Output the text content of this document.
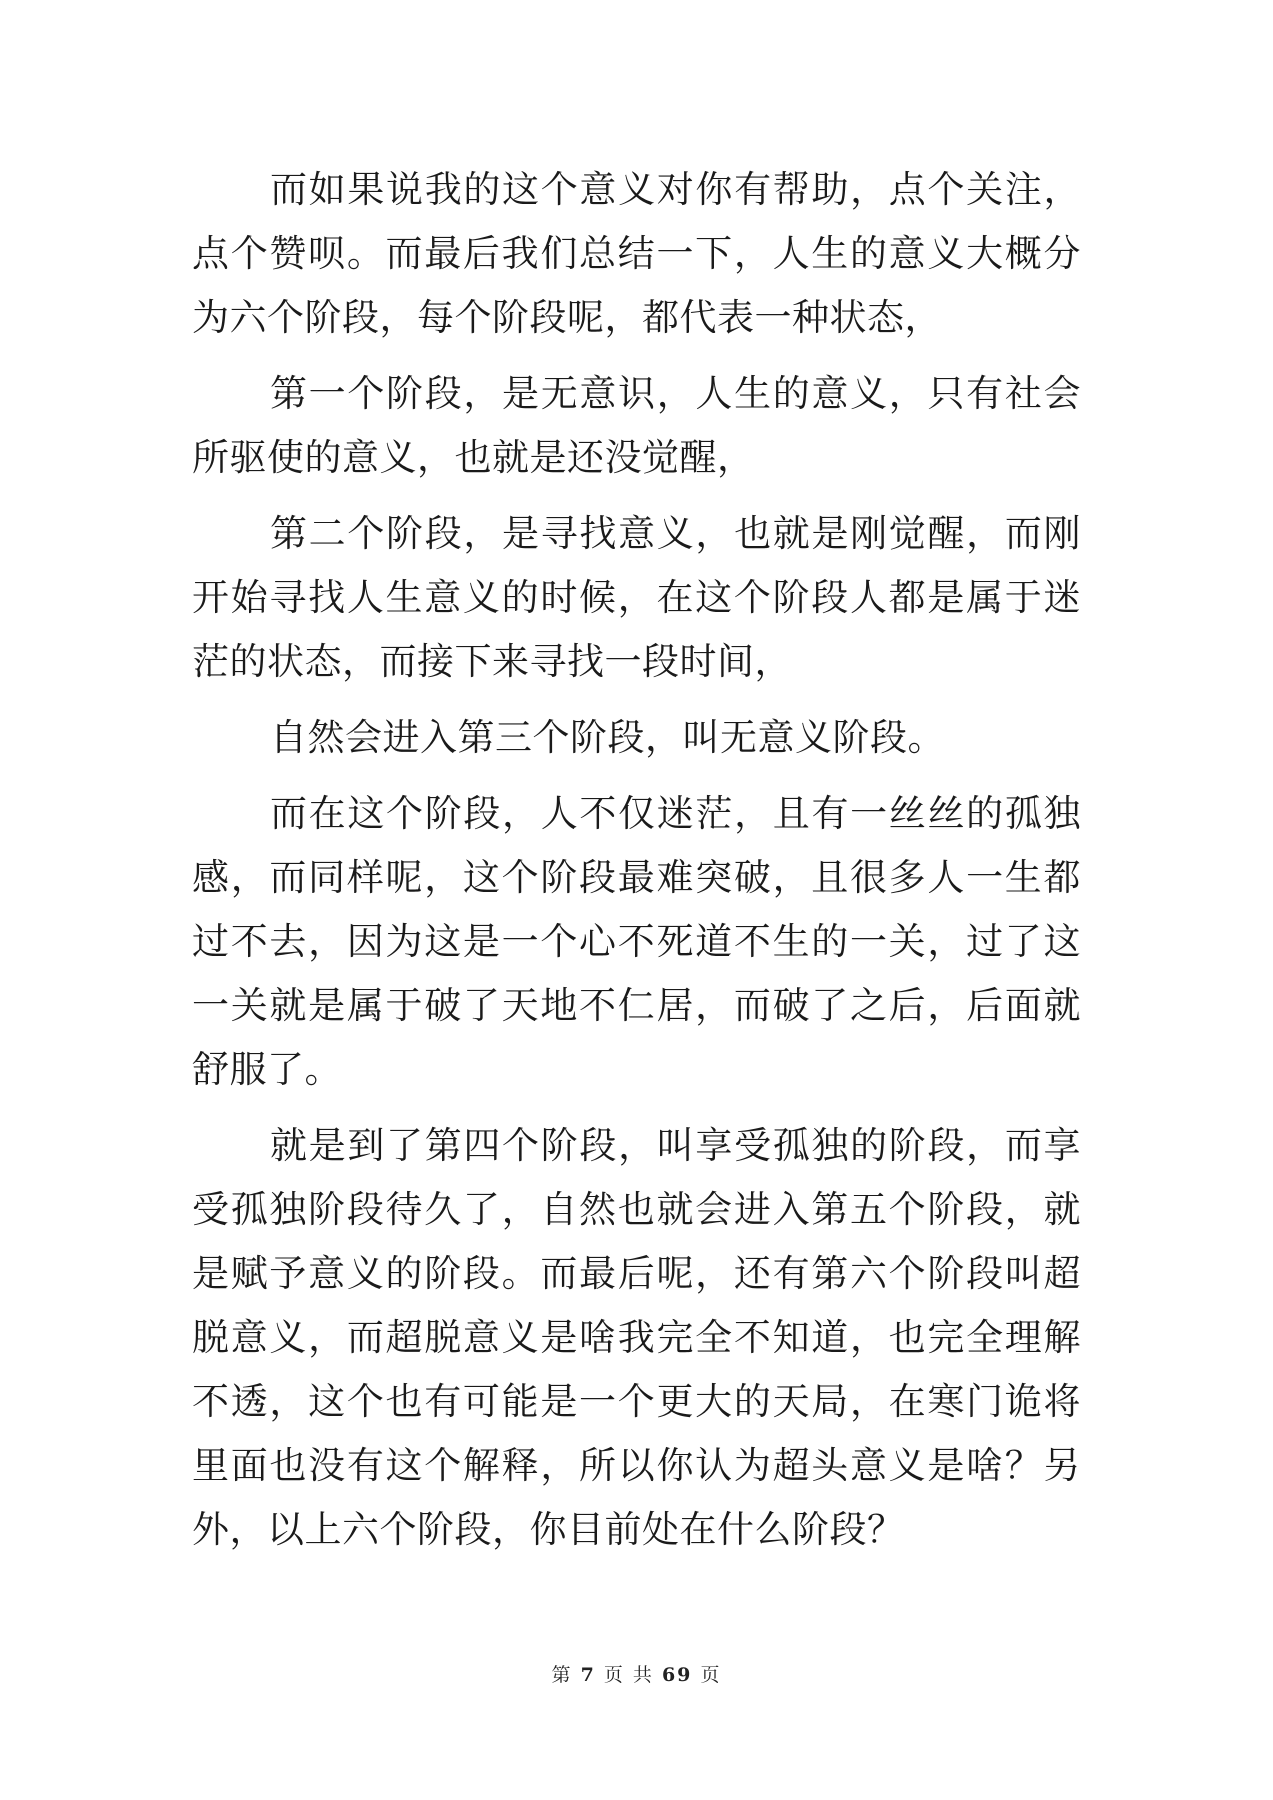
而如果说我的这个意义对你有帮助，点个关注，点个赞呗。而最后我们总结一下，人生的意义大概分为六个阶段，每个阶段呢，都代表一种状态，

第一个阶段，是无意识，人生的意义，只有社会所驱使的意义，也就是还没觉醒，

第二个阶段，是寻找意义，也就是刚觉醒，而刚开始寻找人生意义的时候，在这个阶段人都是属于迷茫的状态，而接下来寻找一段时间，

自然会进入第三个阶段，叫无意义阶段。

而在这个阶段，人不仅迷茫，且有一丝丝的孤独感，而同样呢，这个阶段最难突破，且很多人一生都过不去，因为这是一个心不死道不生的一关，过了这一关就是属于破了天地不仁居，而破了之后，后面就舒服了。

就是到了第四个阶段，叫享受孤独的阶段，而享受孤独阶段待久了，自然也就会进入第五个阶段，就是赋予意义的阶段。而最后呢，还有第六个阶段叫超脱意义，而超脱意义是啥我完全不知道，也完全理解不透，这个也有可能是一个更大的天局，在寒门诡将里面也没有这个解释，所以你认为超头意义是啥？另外，以上六个阶段，你目前处在什么阶段？

第 7 页 共 69 页
